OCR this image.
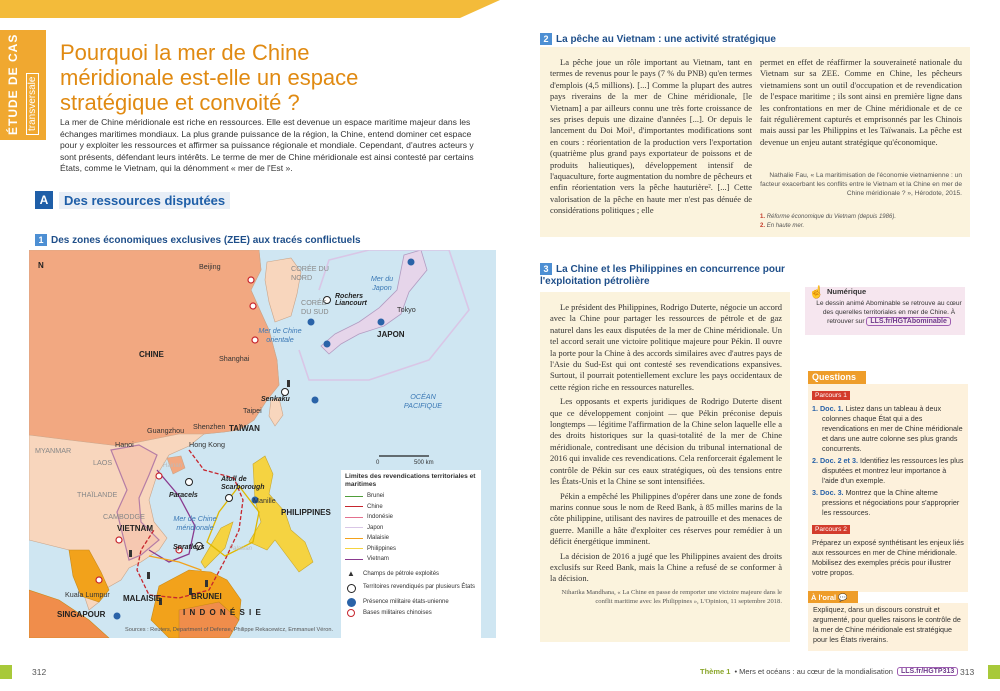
ÉTUDE DE CAS transversale
Pourquoi la mer de Chine méridionale est-elle un espace stratégique et convoité ?

La mer de Chine méridionale est riche en ressources. Elle est devenue un espace maritime majeur dans les échanges maritimes mondiaux. La plus grande puissance de la région, la Chine, entend dominer cet espace pour y exploiter les ressources et affirmer sa puissance régionale et mondiale. Cependant, d'autres acteurs y sont présents, défendant leurs intérêts. Le terme de mer de Chine méridionale est ainsi contesté par certains États, comme le Vietnam, qui la dénomment « mer de l'Est ».

A	Des ressources disputées
1 Des zones économiques exclusives (ZEE) aux tracés conflictuels
N	Beijing	CORÉE DU NORD	Mer du Japon
CORÉE DU SUD
Rochers Liancourt
Tokyo
JAPON
Mer de Chine orientale
CHINE	Shanghai
Senkaku
Taipei
TAÏWAN
OCÉAN PACIFIQUE
Guangzhou Shenzhen
Hong Kong
Hanoi
MYANMAR
LAOS	Hainan
THAÏLANDE	Paracels
Atoll de Scarborough
Manille
PHILIPPINES
CAMBODGE	Mer de Chine méridionale
VIETNAM
Spratleys	Palawan
Kuala Lumpur MALAISIE	BRUNEI
SINGAPOUR	I N D O N É S I E
0	500 km
Limites des revendications territoriales et maritimes
Brunei
Chine
Indonésie
Japon
Malaisie
Philippines
Vietnam
▲	Champs de pétrole exploités
Territoires revendiqués par plusieurs États
Présence militaire états-unienne
Bases militaires chinoises
Sources : Reuters, Department of Defense, Philippe Rekacewicz, Emmanuel Véron.
2 La pêche au Vietnam : une activité stratégique

La pêche joue un rôle important au Vietnam, tant en termes de revenus pour le pays (7 % du PNB) qu'en termes d'emplois (4,5 millions). [...] Comme la plupart des autres pays riverains de la mer de Chine méridionale, [le Vietnam] a par ailleurs connu une très forte croissance de ses prises depuis une dizaine d'années [...]. Or depuis le lancement du Doi Moi¹, d'importantes modifications sont en cours : réorientation de la production vers l'exportation (quatrième plus grand pays exportateur de poissons et de produits halieutiques), développement intensif de l'aquaculture, forte augmentation du nombre de pêcheurs et enfin réorientation vers la pêche hauturière². [...] Cette valorisation de la pêche en haute mer n'est pas dénuée de considérations politiques ; elle

permet en effet de réaffirmer la souveraineté nationale du Vietnam sur sa ZEE. Comme en Chine, les pêcheurs vietnamiens sont un outil d'occupation et de revendication de l'espace maritime ; ils sont ainsi en première ligne dans les confrontations en mer de Chine méridionale et de ce fait régulièrement capturés et emprisonnés par les Chinois mais aussi par les Philippins et les Taïwanais. La pêche est devenue un enjeu autant stratégique qu'économique.

Nathalie Fau, « La maritimisation de l'économie vietnamienne : un facteur exacerbant les conflits entre le Vietnam et la Chine en mer de Chine méridionale ? », Hérodote, 2015.
1. Réforme économique du Vietnam (depuis 1986).
2. En haute mer.
3 La Chine et les Philippines en concurrence pour l'exploitation pétrolière

Le président des Philippines, Rodrigo Duterte, négocie un accord avec la Chine pour partager les ressources de pétrole et de gaz naturel dans les eaux disputées de la mer de Chine méridionale. Un tel accord serait une victoire politique majeure pour Pékin. Il ouvre la porte pour la Chine à des accords similaires avec d'autres pays de l'Asie du Sud-Est qui ont contesté ses revendications expansives. Surtout, il pourrait potentiellement exclure les pays occidentaux de cette région riche en ressources naturelles.

Les opposants et experts juridiques de Rodrigo Duterte disent que ce développement conjoint — que Pékin préconise depuis longtemps — légitime l'affirmation de la Chine selon laquelle elle a des droits historiques sur la quasi-totalité de la mer de Chine méridionale, contredisant une décision du tribunal international de 2016 qui invalide ces revendications. Cela renforcerait également le contrôle de Pékin sur ces eaux stratégiques, où des tensions entre les États-Unis et la Chine se sont intensifiées.

Pékin a empêché les Philippines d'opérer dans une zone de fonds marins connue sous le nom de Reed Bank, à 85 milles marins de la côte philippine, utilisant des navires de patrouille et des menaces de guerre. Manille a hâte d'exploiter ces réserves pour remédier à un déficit énergétique imminent.

La décision de 2016 a jugé que les Philippines avaient des droits exclusifs sur Reed Bank, mais la Chine a refusé de se conformer à la décision.

Niharika Mandhana, « La Chine en passe de remporter une victoire majeure dans le conflit maritime avec les Philippines », L'Opinion, 11 septembre 2018.
☝ Numérique
Le dessin animé Abominable se retrouve au cœur des querelles territoriales en mer de Chine. À retrouver sur LLS.fr/HGTAbominable
Questions
Parcours 1
1. Doc. 1. Listez dans un tableau à deux colonnes chaque État qui a des revendications en mer de Chine méridionale et dans une autre colonne ses plus grands concurrents.
2. Doc. 2 et 3. Identifiez les ressources les plus disputées et montrez leur importance à l'aide d'un exemple.
3. Doc. 3. Montrez que la Chine alterne pressions et négociations pour s'approprier les ressources.
Parcours 2
Préparez un exposé synthétisant les enjeux liés aux ressources en mer de Chine méridionale. Mobilisez des exemples précis pour illustrer votre propos.
À l'oral 💬
Expliquez, dans un discours construit et argumenté, pour quelles raisons le contrôle de la mer de Chine méridionale est stratégique pour les États riverains.
312	Thème 1 • Mers et océans : au cœur de la mondialisation	LLS.fr/HGTP313 313
